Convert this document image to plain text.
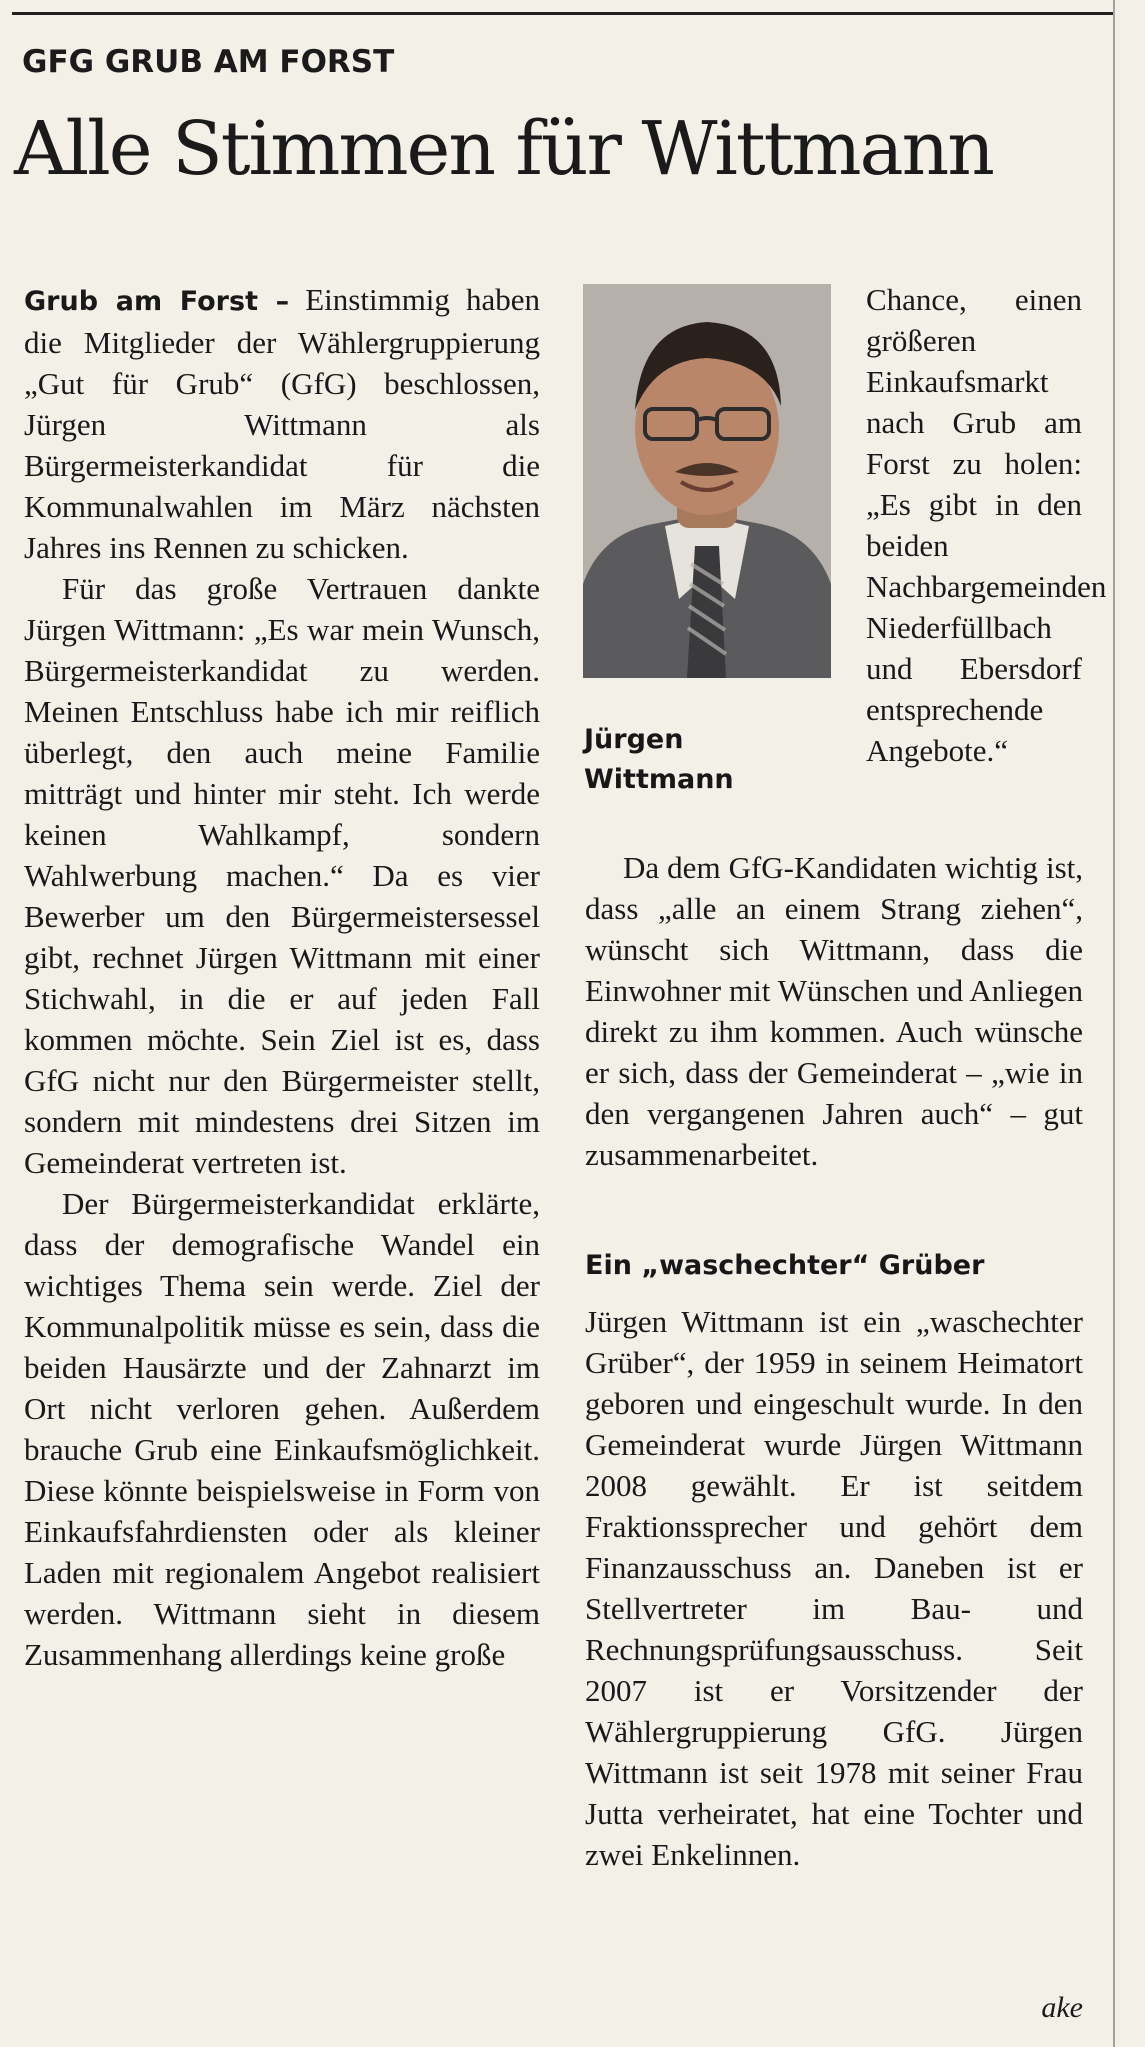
GFG GRUB AM FORST
Alle Stimmen für Wittmann

Grub am Forst – Einstimmig haben die Mitglieder der Wählergruppierung „Gut für Grub“ (GfG) beschlossen, Jürgen Wittmann als Bürgermeisterkandidat für die Kommunalwahlen im März nächsten Jahres ins Rennen zu schicken.

Für das große Vertrauen dankte Jürgen Wittmann: „Es war mein Wunsch, Bürgermeisterkandidat zu werden. Meinen Entschluss habe ich mir reiflich überlegt, den auch meine Familie mitträgt und hinter mir steht. Ich werde keinen Wahlkampf, sondern Wahlwerbung machen.“ Da es vier Bewerber um den Bürgermeistersessel gibt, rechnet Jürgen Wittmann mit einer Stichwahl, in die er auf jeden Fall kommen möchte. Sein Ziel ist es, dass GfG nicht nur den Bürgermeister stellt, sondern mit mindestens drei Sitzen im Gemeinderat vertreten ist.

Der Bürgermeisterkandidat erklärte, dass der demografische Wandel ein wichtiges Thema sein werde. Ziel der Kommunalpolitik müsse es sein, dass die beiden Hausärzte und der Zahnarzt im Ort nicht verloren gehen. Außerdem brauche Grub eine Einkaufsmöglichkeit. Diese könnte beispielsweise in Form von Einkaufsfahrdiensten oder als kleiner Laden mit regionalem Angebot realisiert werden. Wittmann sieht in diesem Zusammenhang allerdings keine große

Jürgen
Wittmann

Chance, einen größeren Einkaufsmarkt nach Grub am Forst zu holen: „Es gibt in den beiden Nachbargemeinden Niederfüllbach und Ebersdorf entsprechende Angebote.“

Da dem GfG-Kandidaten wichtig ist, dass „alle an einem Strang ziehen“, wünscht sich Wittmann, dass die Einwohner mit Wünschen und Anliegen direkt zu ihm kommen. Auch wünsche er sich, dass der Gemeinderat – „wie in den vergangenen Jahren auch“ – gut zusammenarbeitet.

Ein „waschechter“ Grüber

Jürgen Wittmann ist ein „waschechter Grüber“, der 1959 in seinem Heimatort geboren und eingeschult wurde. In den Gemeinderat wurde Jürgen Wittmann 2008 gewählt. Er ist seitdem Fraktionssprecher und gehört dem Finanzausschuss an. Daneben ist er Stellvertreter im Bau- und Rechnungsprüfungsausschuss. Seit 2007 ist er Vorsitzender der Wählergruppierung GfG. Jürgen Wittmann ist seit 1978 mit seiner Frau Jutta verheiratet, hat eine Tochter und zwei Enkelinnen.

ake
